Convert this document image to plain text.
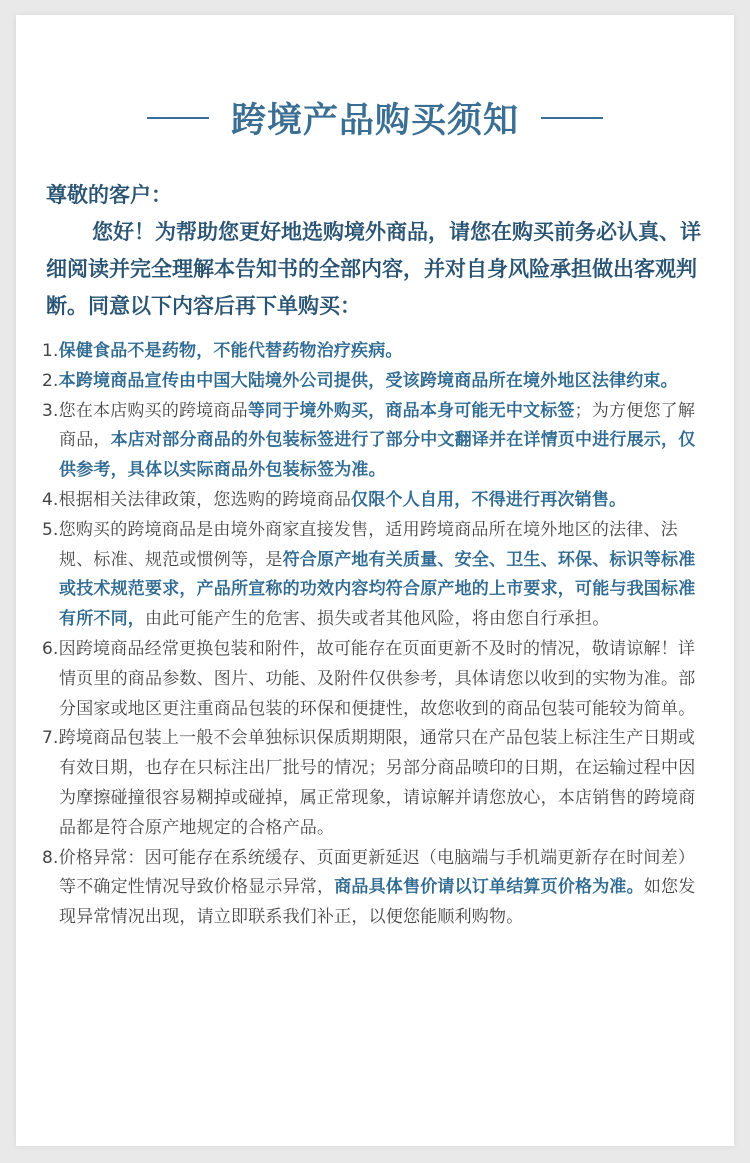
跨境产品购买须知
尊敬的客户：
您好！为帮助您更好地选购境外商品，请您在购买前务必认真、详细阅读并完全理解本告知书的全部内容，并对自身风险承担做出客观判断。同意以下内容后再下单购买：
1.保健食品不是药物，不能代替药物治疗疾病。
2.本跨境商品宣传由中国大陆境外公司提供，受该跨境商品所在境外地区法律约束。
3.您在本店购买的跨境商品等同于境外购买，商品本身可能无中文标签；为方便您了解商品，本店对部分商品的外包装标签进行了部分中文翻译并在详情页中进行展示，仅供参考，具体以实际商品外包装标签为准。
4.根据相关法律政策，您选购的跨境商品仅限个人自用，不得进行再次销售。
5.您购买的跨境商品是由境外商家直接发售，适用跨境商品所在境外地区的法律、法规、标准、规范或惯例等，是符合原产地有关质量、安全、卫生、环保、标识等标准或技术规范要求，产品所宣称的功效内容均符合原产地的上市要求，可能与我国标准有所不同，由此可能产生的危害、损失或者其他风险，将由您自行承担。
6.因跨境商品经常更换包装和附件，故可能存在页面更新不及时的情况，敬请谅解！详情页里的商品参数、图片、功能、及附件仅供参考，具体请您以收到的实物为准。部分国家或地区更注重商品包装的环保和便捷性，故您收到的商品包装可能较为简单。
7.跨境商品包装上一般不会单独标识保质期期限，通常只在产品包装上标注生产日期或有效日期，也存在只标注出厂批号的情况；另部分商品喷印的日期，在运输过程中因为摩擦碰撞很容易糊掉或碰掉，属正常现象，请谅解并请您放心，本店销售的跨境商品都是符合原产地规定的合格产品。
8.价格异常：因可能存在系统缓存、页面更新延迟（电脑端与手机端更新存在时间差）等不确定性情况导致价格显示异常，商品具体售价请以订单结算页价格为准。如您发现异常情况出现，请立即联系我们补正，以便您能顺利购物。
